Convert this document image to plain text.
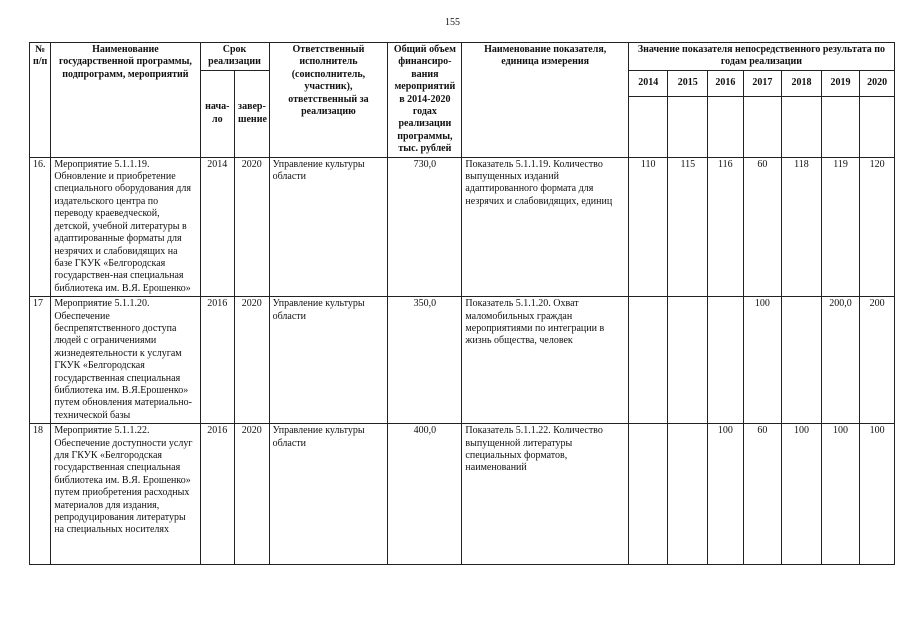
155
№ п/п	Наименование государственной программы, подпрограмм, мероприятий	Срок реализации		Ответственный исполнитель (соисполнитель, участник), ответственный за реализацию	Общий объем финансиро-вания мероприятий в 2014-2020 годах реализации программы, тыс. рублей	Наименование показателя, единица измерения	Значение показателя непосредственного результата по годам реализации						
		нача-ло	завер-шение				2014	2015	2016	2017	2018	2019	2020

16.	Мероприятие 5.1.1.19. Обновление и приобретение специального оборудования для издательского центра по переводу краеведческой, детской, учебной литературы в адаптированные форматы для незрячих и слабовидящих на базе ГКУК «Белгородская государствен-ная специальная библиотека им. В.Я. Ерошенко»	2014	2020	Управление культуры области	730,0	Показатель 5.1.1.19. Количество выпущенных изданий адаптированного формата для незрячих и слабовидящих, единиц	110	115	116	60	118	119	120
17	Мероприятие 5.1.1.20. Обеспечение беспрепятственного доступа людей с ограничениями жизнедеятельности к услугам ГКУК «Белгородская государственная специальная библиотека им. В.Я.Ерошенко» путем обновления материально-технической базы	2016	2020	Управление культуры области	350,0	Показатель 5.1.1.20. Охват маломобильных граждан мероприятиями по интеграции в жизнь общества, человек				100		200,0	200
18	Мероприятие 5.1.1.22. Обеспечение доступности услуг для ГКУК «Белгородская государственная специальная библиотека им. В.Я. Ерошенко» путем приобретения расходных материалов для издания, репродуцирования литературы на специальных носителях	2016	2020	Управление культуры области	400,0	Показатель 5.1.1.22. Количество выпущенной литературы специальных форматов, наименований			100	60	100	100	100
